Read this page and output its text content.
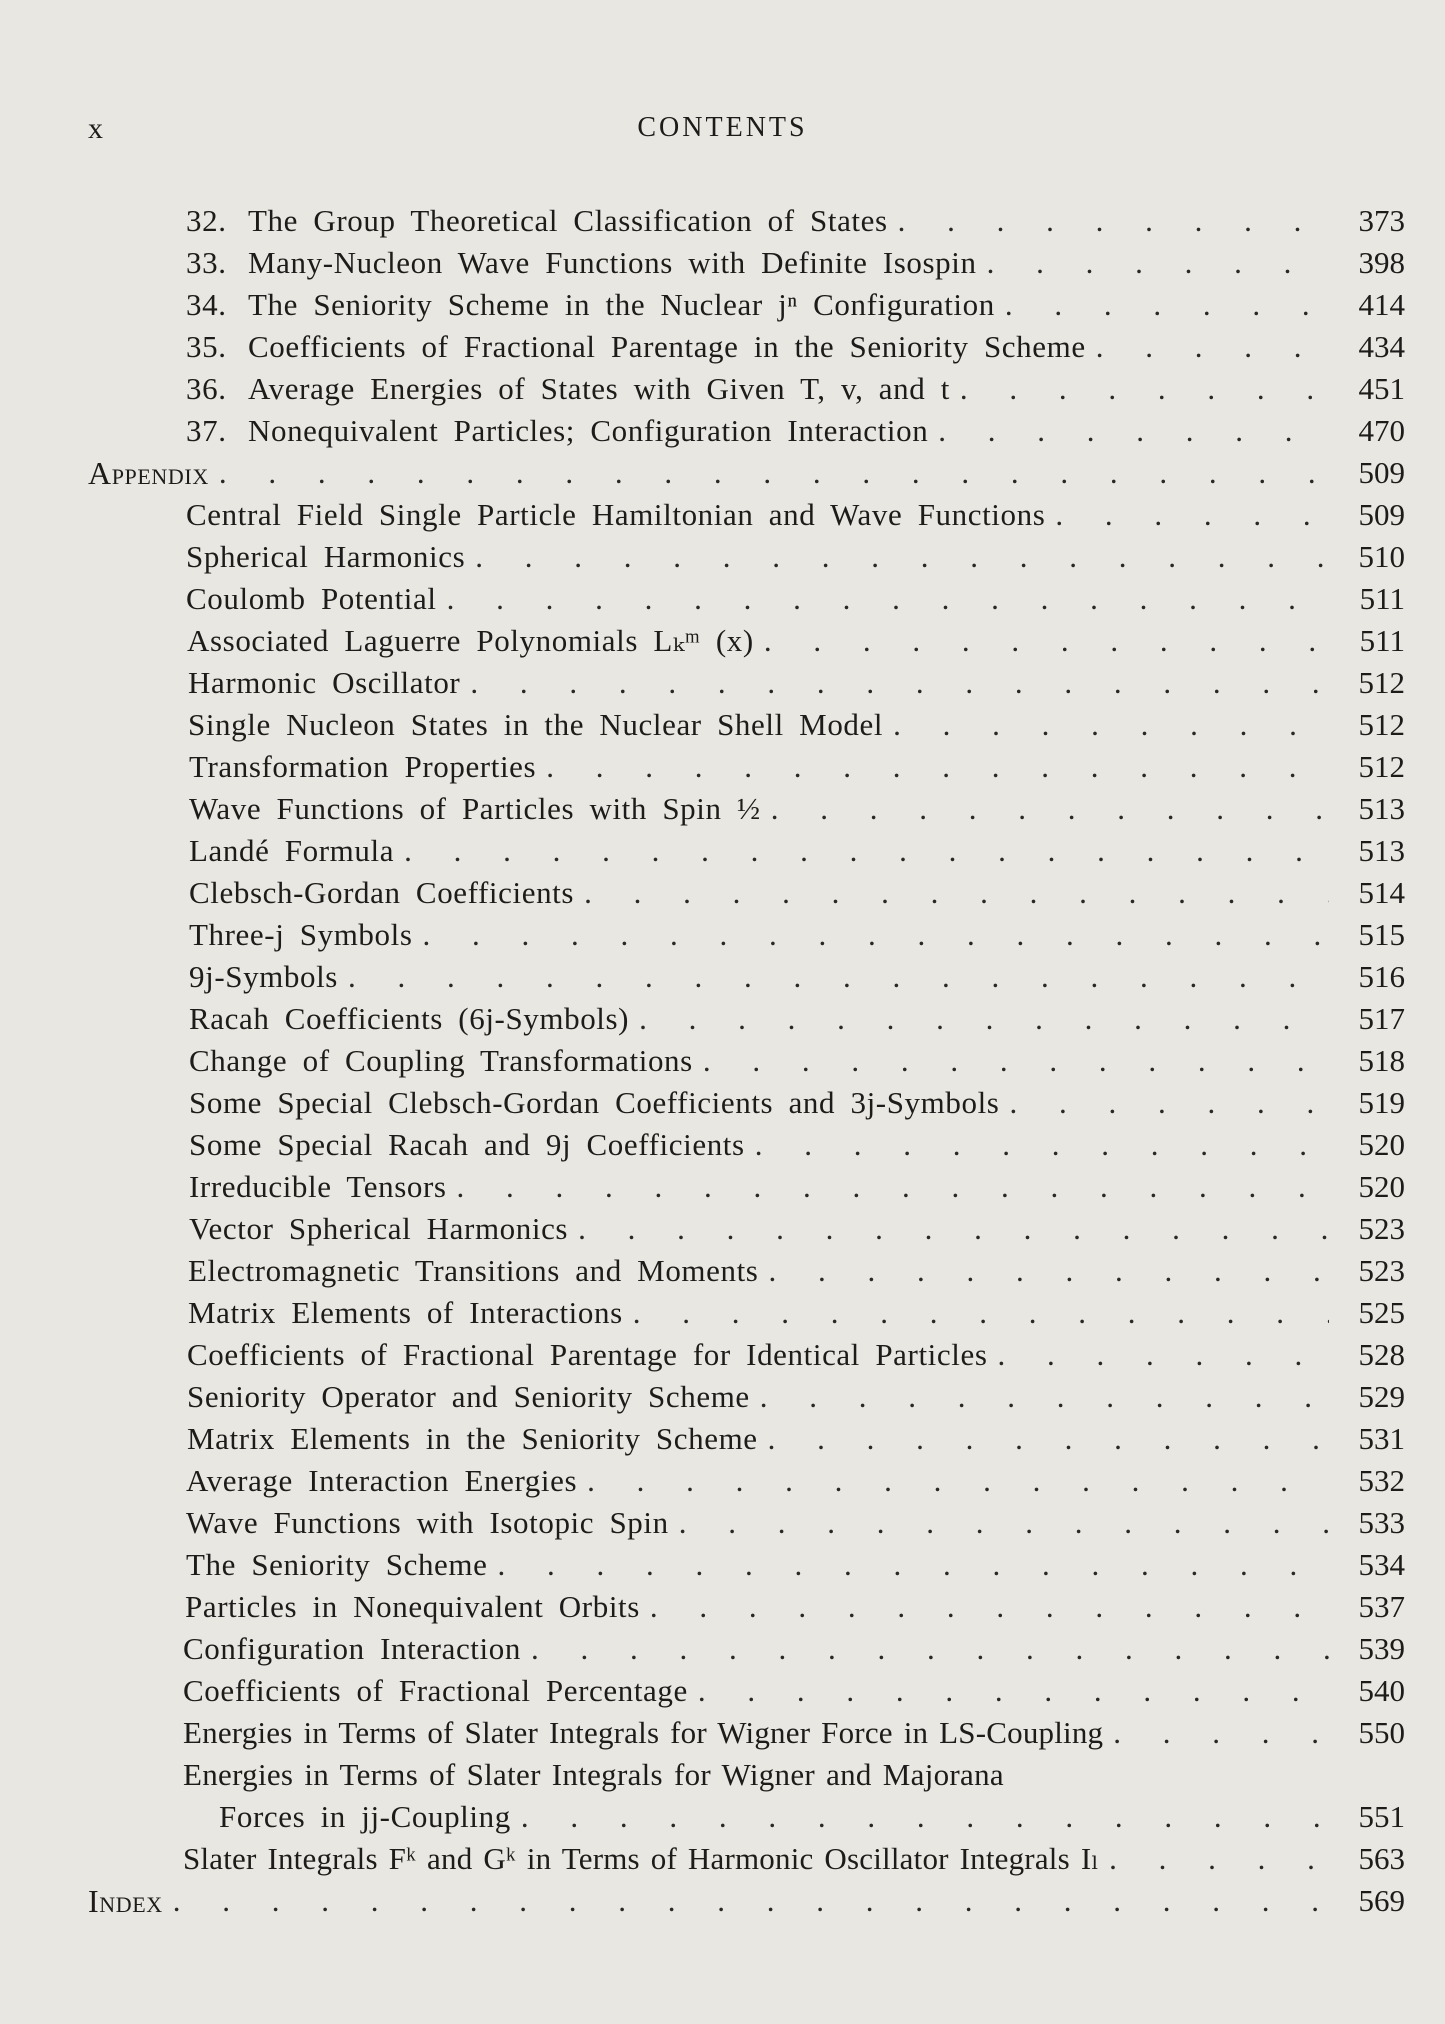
x	CONTENTS
32. The Group Theoretical Classification of States . . .	373
33. Many-Nucleon Wave Functions with Definite Isospin . . .	398
34. The Seniority Scheme in the Nuclear jⁿ Configuration . . .	414
35. Coefficients of Fractional Parentage in the Seniority Scheme . . .	434
36. Average Energies of States with Given T, v, and t . . .	451
37. Nonequivalent Particles; Configuration Interaction . . .	470
Appendix . . .	509
Central Field Single Particle Hamiltonian and Wave Functions . . .	509
Spherical Harmonics . . .	510
Coulomb Potential . . .	511
Associated Laguerre Polynomials Lₖᵐ (x) . . .	511
Harmonic Oscillator . . .	512
Single Nucleon States in the Nuclear Shell Model . . .	512
Transformation Properties . . .	512
Wave Functions of Particles with Spin ½ . . .	513
Landé Formula . . .	513
Clebsch-Gordan Coefficients . . .	514
Three-j Symbols . . .	515
9j-Symbols . . .	516
Racah Coefficients (6j-Symbols) . . .	517
Change of Coupling Transformations . . .	518
Some Special Clebsch-Gordan Coefficients and 3j-Symbols . . .	519
Some Special Racah and 9j Coefficients . . .	520
Irreducible Tensors . . .	520
Vector Spherical Harmonics . . .	523
Electromagnetic Transitions and Moments . . .	523
Matrix Elements of Interactions . . .	525
Coefficients of Fractional Parentage for Identical Particles . . .	528
Seniority Operator and Seniority Scheme . . .	529
Matrix Elements in the Seniority Scheme . . .	531
Average Interaction Energies . . .	532
Wave Functions with Isotopic Spin . . .	533
The Seniority Scheme . . .	534
Particles in Nonequivalent Orbits . . .	537
Configuration Interaction . . .	539
Coefficients of Fractional Percentage . . .	540
Energies in Terms of Slater Integrals for Wigner Force in LS-Coupling . . .	550
Energies in Terms of Slater Integrals for Wigner and Majorana
Forces in jj-Coupling . . .	551
Slater Integrals Fᵏ and Gᵏ in Terms of Harmonic Oscillator Integrals Iₗ . . .	563
Index . . .	569
